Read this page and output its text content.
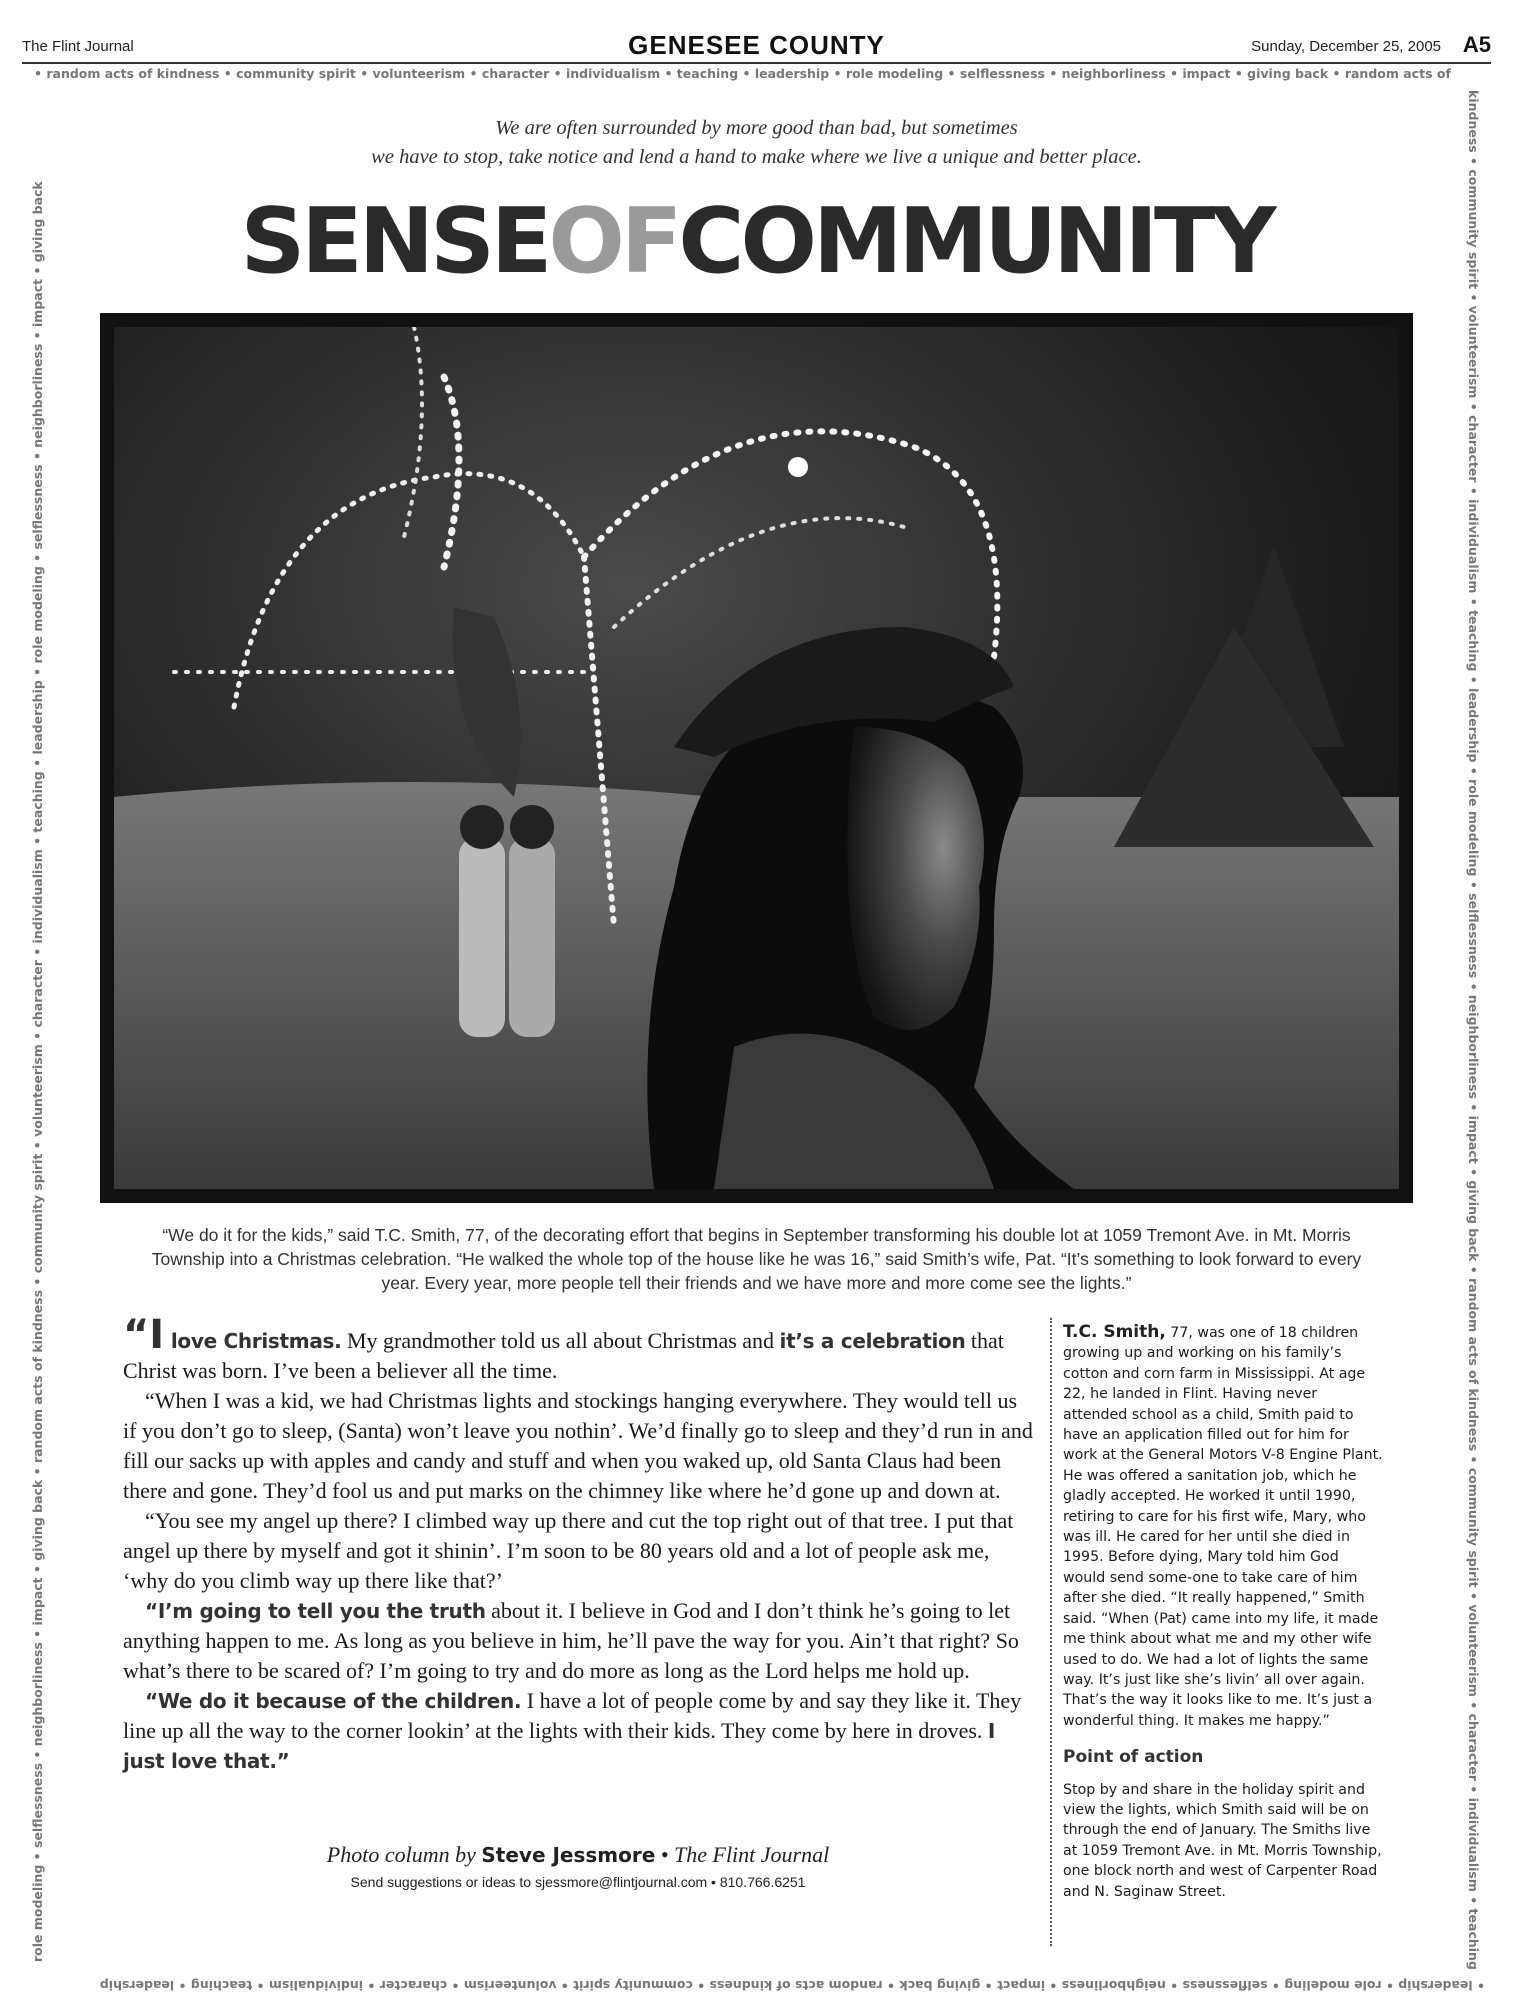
The Flint Journal	GENESEE COUNTY	Sunday, December 25, 2005 A5
• random acts of kindness • community spirit • volunteerism • character • individualism • teaching • leadership • role modeling • selflessness • neighborliness • impact • giving back • random acts of
kindness • community spirit • volunteerism • character • individualism • teaching • leadership • role modeling • selflessness • neighborliness • impact • giving back • random acts of kindness • community spirit • volunteerism • character • individualism • teaching
• leadership • role modeling • selflessness • neighborliness • impact • giving back • random acts of kindness • community spirit • volunteerism • character • individualism • teaching • leadership
role modeling • selflessness • neighborliness • impact • giving back • random acts of kindness • community spirit • volunteerism • character • individualism • teaching • leadership • role modeling • selflessness • neighborliness • impact • giving back
We are often surrounded by more good than bad, but sometimes
we have to stop, take notice and lend a hand to make where we live a unique and better place.
SENSEOFCOMMUNITY
“We do it for the kids,” said T.C. Smith, 77, of the decorating effort that begins in September transforming his double lot at 1059 Tremont Ave. in Mt. Morris Township into a Christmas celebration. “He walked the whole top of the house like he was 16,” said Smith’s wife, Pat. “It’s something to look forward to every year. Every year, more people tell their friends and we have more and more come see the lights.”

“I love Christmas. My grandmother told us all about Christmas and it’s a celebration that Christ was born. I’ve been a believer all the time.

“When I was a kid, we had Christmas lights and stockings hanging everywhere. They would tell us if you don’t go to sleep, (Santa) won’t leave you nothin’. We’d finally go to sleep and they’d run in and fill our sacks up with apples and candy and stuff and when you waked up, old Santa Claus had been there and gone. They’d fool us and put marks on the chimney like where he’d gone up and down at.

“You see my angel up there? I climbed way up there and cut the top right out of that tree. I put that angel up there by myself and got it shinin’. I’m soon to be 80 years old and a lot of people ask me, ‘why do you climb way up there like that?’

“I’m going to tell you the truth about it. I believe in God and I don’t think he’s going to let anything happen to me. As long as you believe in him, he’ll pave the way for you. Ain’t that right? So what’s there to be scared of? I’m going to try and do more as long as the Lord helps me hold up.

“We do it because of the children. I have a lot of people come by and say they like it. They line up all the way to the corner lookin’ at the lights with their kids. They come by here in droves. I just love that.”

T.C. Smith, 77, was one of 18 children growing up and working on his family’s cotton and corn farm in Mississippi. At age 22, he landed in Flint. Having never attended school as a child, Smith paid to have an application filled out for him for work at the General Motors V-8 Engine Plant. He was offered a sanitation job, which he gladly accepted. He worked it until 1990, retiring to care for his first wife, Mary, who was ill. He cared for her until she died in 1995. Before dying, Mary told him God would send some-one to take care of him after she died. “It really happened,” Smith said. “When (Pat) came into my life, it made me think about what me and my other wife used to do. We had a lot of lights the same way. It’s just like she’s livin’ all over again. That’s the way it looks like to me. It’s just a wonderful thing. It makes me happy.”

Point of action

Stop by and share in the holiday spirit and view the lights, which Smith said will be on through the end of January. The Smiths live at 1059 Tremont Ave. in Mt. Morris Township, one block north and west of Carpenter Road and N. Saginaw Street.

Photo column by Steve Jessmore • The Flint Journal
Send suggestions or ideas to sjessmore@flintjournal.com • 810.766.6251
